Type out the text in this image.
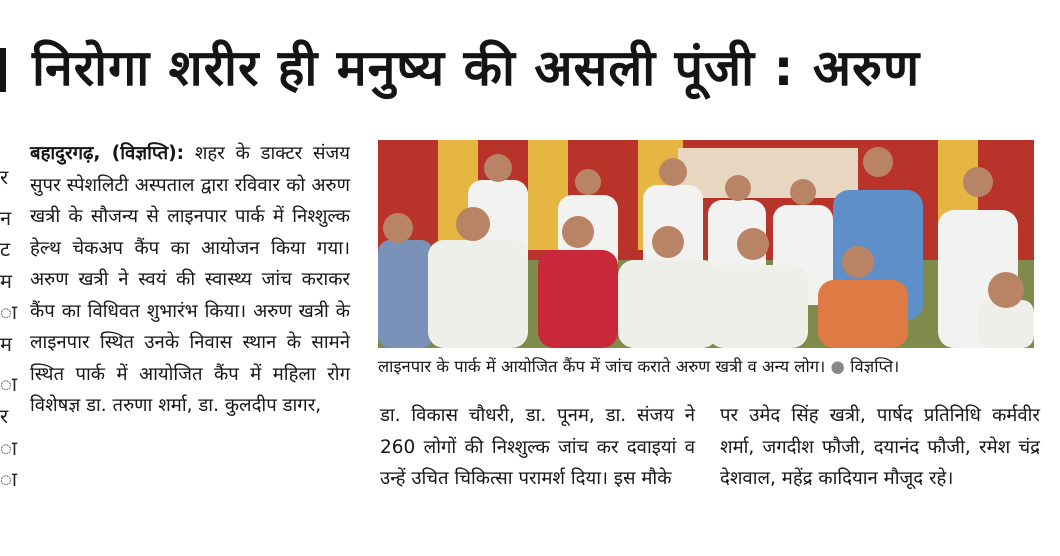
र
न
ट
म
ा
म
ा
र
ा
ा
निरोगा शरीर ही मनुष्य की असली पूंजी : अरुण

बहादुरगढ़, (विज्ञप्ति): शहर के डाक्टर संजय सुपर स्पेशलिटी अस्पताल द्वारा रविवार को अरुण खत्री के सौजन्य से लाइनपार पार्क में निश्शुल्क हेल्थ चेकअप कैंप का आयोजन किया गया। अरुण खत्री ने स्वयं की स्वास्थ्य जांच कराकर कैंप का विधिवत शुभारंभ किया। अरुण खत्री के लाइनपार स्थित उनके निवास स्थान के सामने स्थित पार्क में आयोजित कैंप में महिला रोग विशेषज्ञ डा. तरुणा शर्मा, डा. कुलदीप डागर,

लाइनपार के पार्क में आयोजित कैंप में जांच कराते अरुण खत्री व अन्य लोग। ● विज्ञप्ति।

डा. विकास चौधरी, डा. पूनम, डा. संजय ने 260 लोगों की निश्शुल्क जांच कर दवाइयां व उन्हें उचित चिकित्सा परामर्श दिया। इस मौके

पर उमेद सिंह खत्री, पार्षद प्रतिनिधि कर्मवीर शर्मा, जगदीश फौजी, दयानंद फौजी, रमेश चंद्र देशवाल, महेंद्र कादियान मौजूद रहे।
